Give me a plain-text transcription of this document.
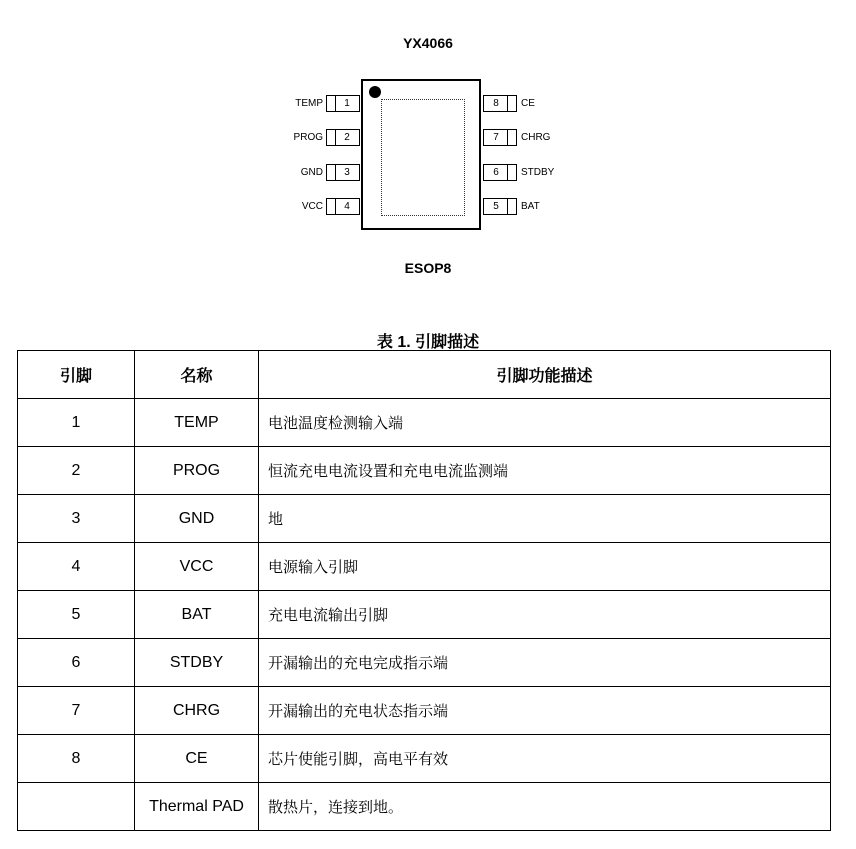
YX4066
1
TEMP
2
PROG
3
GND
4
VCC
8	CE
7	CHRG
6	STDBY
5	BAT
ESOP8
表 1. 引脚描述
引脚	名称	引脚功能描述
1	TEMP	电池温度检测输入端
2	PROG	恒流充电电流设置和充电电流监测端
3	GND	地
4	VCC	电源输入引脚
5	BAT	充电电流输出引脚
6	STDBY	开漏输出的充电完成指示端
7	CHRG	开漏输出的充电状态指示端
8	CE	芯片使能引脚，高电平有效
	Thermal PAD	散热片，连接到地。
